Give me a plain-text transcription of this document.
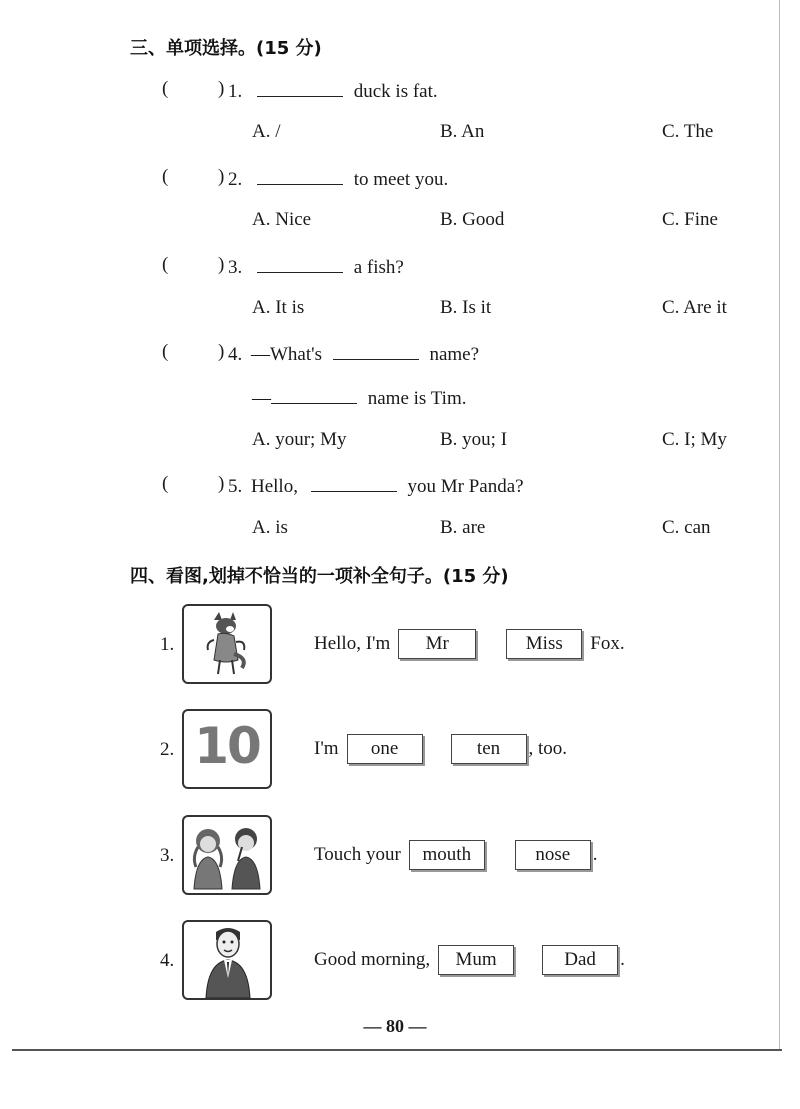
三、单项选择。(15 分)
(	) 1.	duck is fat.
A. /	B. An	C. The
(	) 2.	to meet you.
A. Nice	B. Good	C. Fine
(	) 3.	a fish?
A. It is	B. Is it	C. Are it
(	) 4. —What's	name?
—	name is Tim.
A. your; My	B. you; I	C. I; My
(	) 5. Hello,	you Mr Panda?
A. is	B. are	C. can
四、看图,划掉不恰当的一项补全句子。(15 分)
1.	Hello, I'm	Mr	Miss	Fox.
2. 10	I'm	one	ten	, too.
3.	Touch your	mouth	nose	.
4.	Good morning,	Mum	Dad	.
— 80 —
